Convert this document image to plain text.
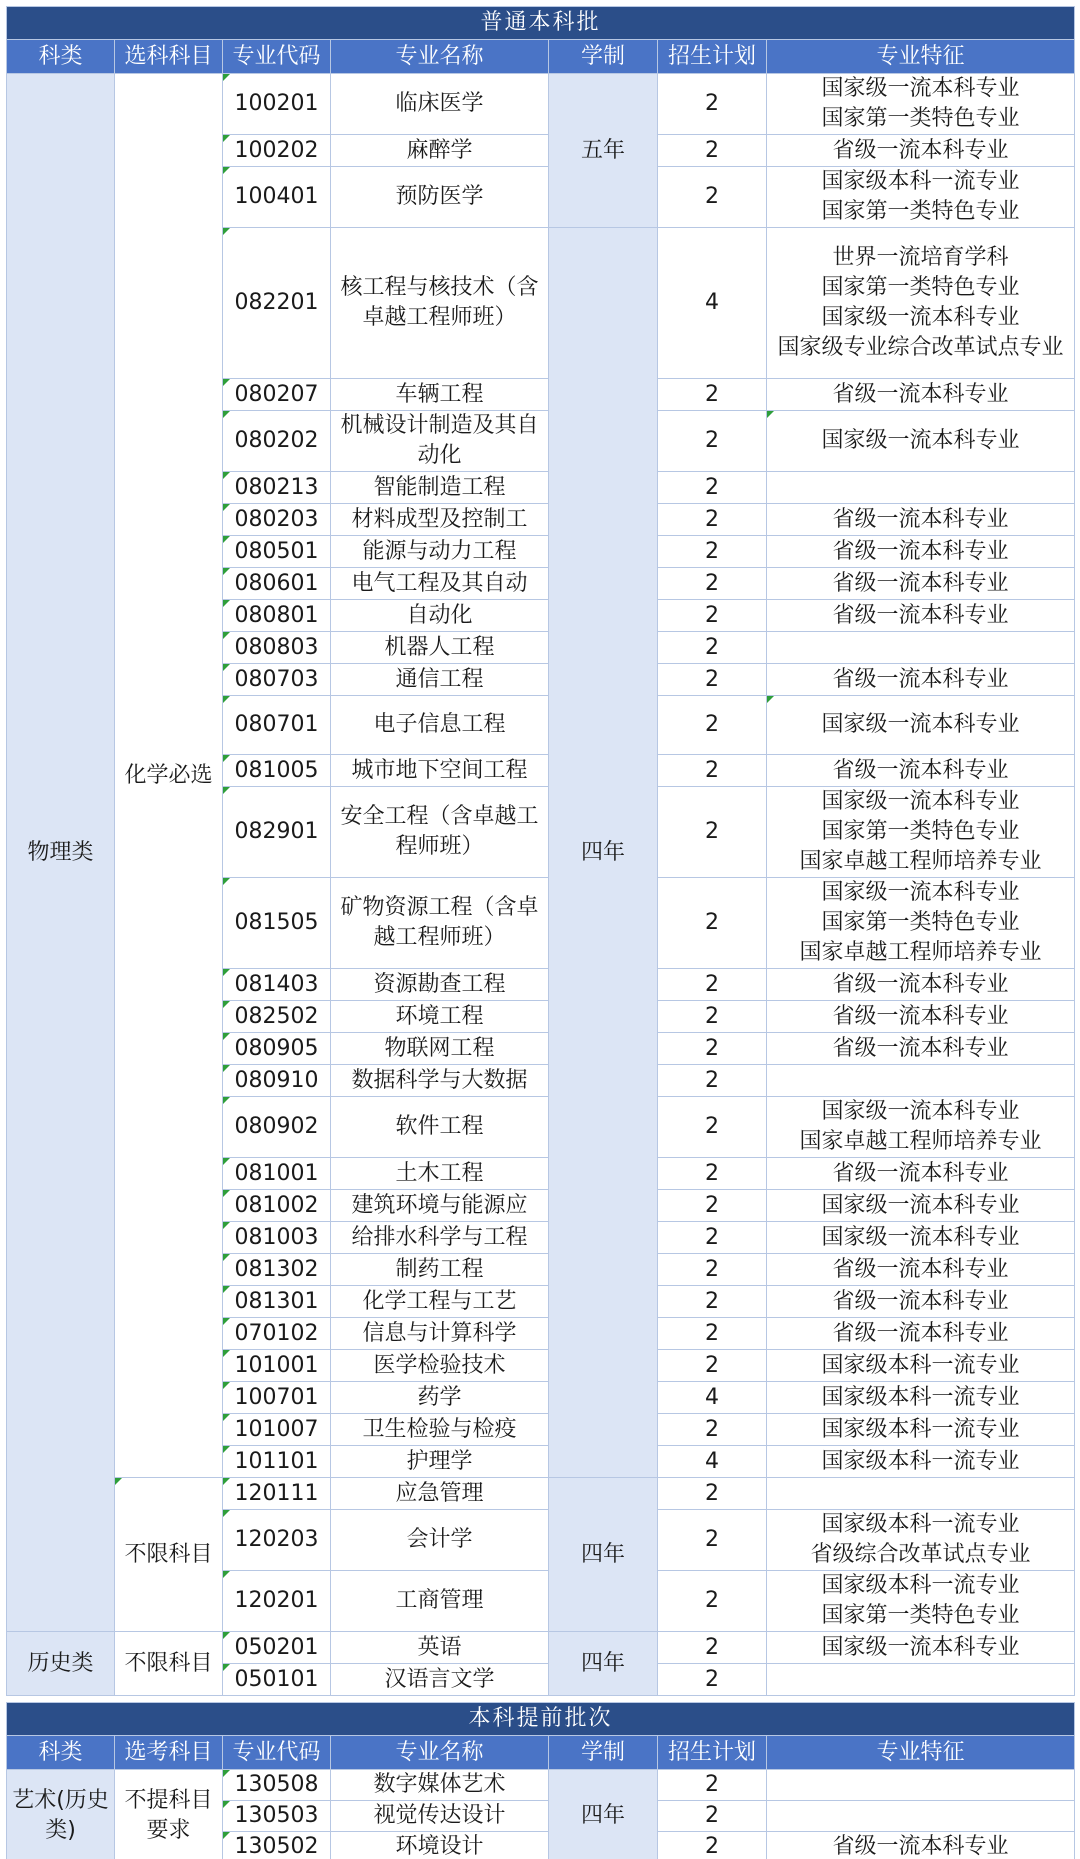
普通本科批						
科类	选科科目	专业代码	专业名称	学制	招生计划	专业特征
物理类	化学必选	100201	临床医学	五年	2	国家级一流本科专业
国家第一类特色专业

		100202	麻醉学		2	省级一流本科专业

		100401	预防医学		2	国家级本科一流专业
国家第一类特色专业

		082201	核工程与核技术（含卓越工程师班）	四年	4	世界一流培育学科
国家第一类特色专业
国家级一流本科专业
国家级专业综合改革试点专业

		080207	车辆工程		2	省级一流本科专业

		080202	机械设计制造及其自动化		2	国家级一流本科专业

		080213	智能制造工程		2	
		080203	材料成型及控制工		2	省级一流本科专业

		080501	能源与动力工程		2	省级一流本科专业

		080601	电气工程及其自动		2	省级一流本科专业

		080801	自动化		2	省级一流本科专业

		080803	机器人工程		2	
		080703	通信工程		2	省级一流本科专业

		080701	电子信息工程		2	国家级一流本科专业

		081005	城市地下空间工程		2	省级一流本科专业

		082901	安全工程（含卓越工程师班）		2	国家级一流本科专业
国家第一类特色专业
国家卓越工程师培养专业

		081505	矿物资源工程（含卓越工程师班）		2	国家级一流本科专业
国家第一类特色专业
国家卓越工程师培养专业

		081403	资源勘查工程		2	省级一流本科专业

		082502	环境工程		2	省级一流本科专业

		080905	物联网工程		2	省级一流本科专业

		080910	数据科学与大数据		2	
		080902	软件工程		2	国家级一流本科专业
国家卓越工程师培养专业

		081001	土木工程		2	省级一流本科专业

		081002	建筑环境与能源应		2	国家级一流本科专业

		081003	给排水科学与工程		2	国家级一流本科专业

		081302	制药工程		2	省级一流本科专业

		081301	化学工程与工艺		2	省级一流本科专业

		070102	信息与计算科学		2	省级一流本科专业

		101001	医学检验技术		2	国家级本科一流专业

		100701	药学		4	国家级本科一流专业

		101007	卫生检验与检疫		2	国家级本科一流专业

		101101	护理学		4	国家级本科一流专业

	不限科目	120111	应急管理	四年	2	
		120203	会计学		2	国家级本科一流专业
省级综合改革试点专业

		120201	工商管理		2	国家级本科一流专业
国家第一类特色专业

历史类	不限科目	050201	英语	四年	2	国家级一流本科专业

		050101	汉语言文学		2	
本科提前批次						
科类	选考科目	专业代码	专业名称	学制	招生计划	专业特征
艺术(历史类)	不提科目要求	130508	数字媒体艺术	四年	2	
		130503	视觉传达设计		2	
		130502	环境设计		2	省级一流本科专业
